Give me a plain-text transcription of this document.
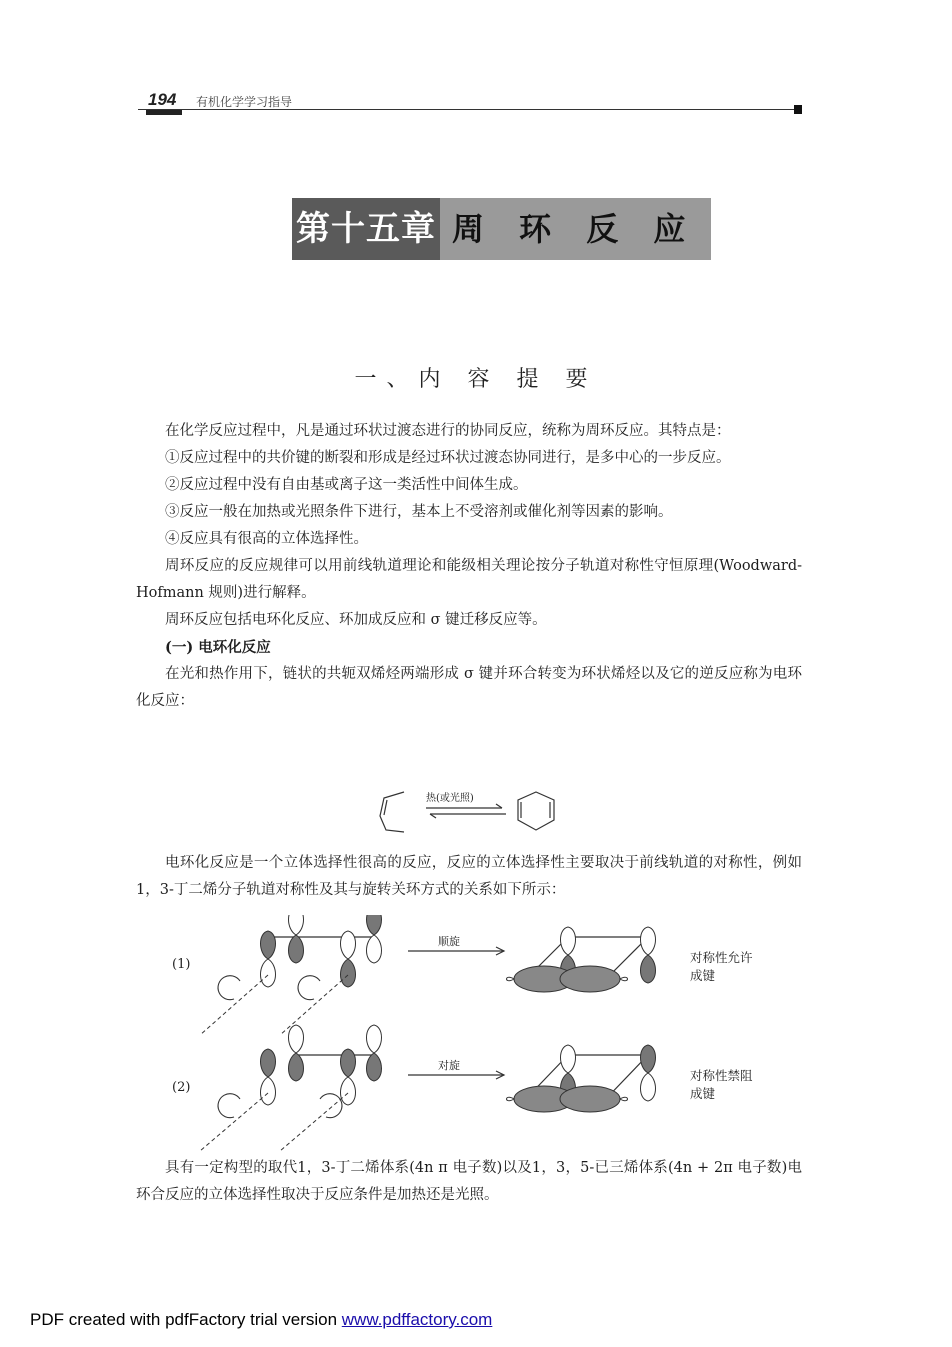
194 有机化学学习指导
第十五章 周 环 反 应
一、内 容 提 要

在化学反应过程中，凡是通过环状过渡态进行的协同反应，统称为周环反应。其特点是：

①反应过程中的共价键的断裂和形成是经过环状过渡态协同进行，是多中心的一步反应。

②反应过程中没有自由基或离子这一类活性中间体生成。

③反应一般在加热或光照条件下进行，基本上不受溶剂或催化剂等因素的影响。

④反应具有很高的立体选择性。

周环反应的反应规律可以用前线轨道理论和能级相关理论按分子轨道对称性守恒原理(Woodward-Hofmann 规则)进行解释。

周环反应包括电环化反应、环加成反应和 σ 键迁移反应等。

(一) 电环化反应

在光和热作用下，链状的共轭双烯烃两端形成 σ 键并环合转变为环状烯烃以及它的逆反应称为电环化反应：

热(或光照)

电环化反应是一个立体选择性很高的反应，反应的立体选择性主要取决于前线轨道的对称性，例如1，3-丁二烯分子轨道对称性及其与旋转关环方式的关系如下所示：

(1)
顺旋
对称性允许
成键
(2)
对旋
对称性禁阻
成键

具有一定构型的取代1，3-丁二烯体系(4n π 电子数)以及1，3，5-已三烯体系(4n + 2π 电子数)电环合反应的立体选择性取决于反应条件是加热还是光照。

PDF created with pdfFactory trial version www.pdffactory.com
